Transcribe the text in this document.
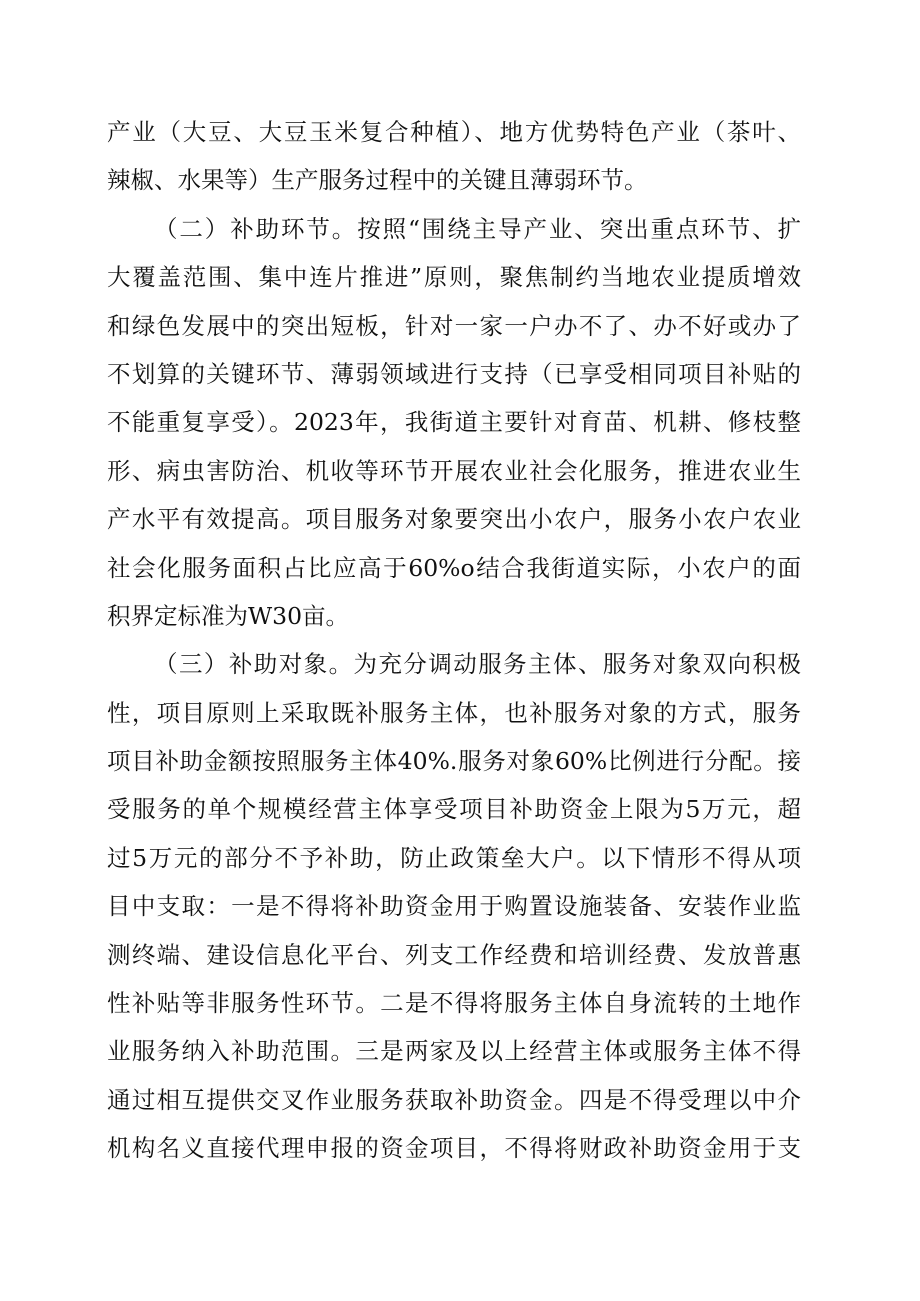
产业（大豆、大豆玉米复合种植）、地方优势特色产业（茶叶、
辣椒、水果等）生产服务过程中的关键且薄弱环节。
（二）补助环节。按照“围绕主导产业、突出重点环节、扩
大覆盖范围、集中连片推进”原则，聚焦制约当地农业提质增效
和绿色发展中的突出短板，针对一家一户办不了、办不好或办了
不划算的关键环节、薄弱领域进行支持（已享受相同项目补贴的
不能重复享受）。2023年，我街道主要针对育苗、机耕、修枝整
形、病虫害防治、机收等环节开展农业社会化服务，推进农业生
产水平有效提高。项目服务对象要突出小农户，服务小农户农业
社会化服务面积占比应高于60%o结合我街道实际，小农户的面
积界定标准为W30亩。
（三）补助对象。为充分调动服务主体、服务对象双向积极
性，项目原则上采取既补服务主体，也补服务对象的方式，服务
项目补助金额按照服务主体40%.服务对象60%比例进行分配。接
受服务的单个规模经营主体享受项目补助资金上限为5万元，超
过5万元的部分不予补助，防止政策垒大户。以下情形不得从项
目中支取：一是不得将补助资金用于购置设施装备、安装作业监
测终端、建设信息化平台、列支工作经费和培训经费、发放普惠
性补贴等非服务性环节。二是不得将服务主体自身流转的土地作
业服务纳入补助范围。三是两家及以上经营主体或服务主体不得
通过相互提供交叉作业服务获取补助资金。四是不得受理以中介
机构名义直接代理申报的资金项目，不得将财政补助资金用于支
